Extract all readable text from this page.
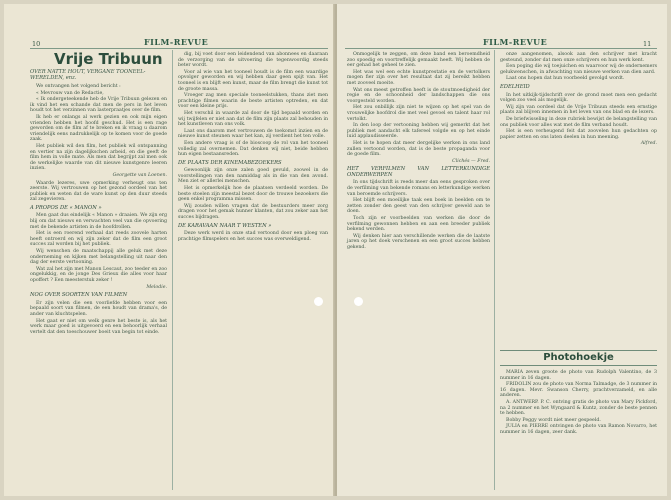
10	FILM-REVUE
Vrije Tribuun
OVER NATTE HOUT, VERGANE TOONEEL-WERELDEN, enz.
We ontvangen het volgend bericht :
« Mevrouw van de Redactie,
« Ik ondergeteekende heb de Vrije Tribuun gelezen en ik vind het een schande dat men de pers in het leven houdt tot het verzinnen van lasterpraatjes over de film.
Ik heb er onlangs al werk gezien en ook mijn eigen vrienden hebben het hoofd geschud. Het is een rage geworden om de film af te breken en ik vraag u daarom vriendelijk eens nadrukkelijk op te komen voor de goede zaak.
Het publiek wil den film, het publiek wil ontspanning en vertier na zijn dagelijkschen arbeid, en die geeft de film hem in volle mate. Als men dat begrijpt zal men ook de werkelijke waarde van dit nieuwe kunstgenre leeren inzien.
Georgette van Loenen.
Waarde lezeres, uwe opmerking verheugt ons ten zeerste. Wij vertrouwen op het gezond oordeel van het publiek en weten dat de ware kunst op den duur steeds zal zegevieren.
A PROPOS DE « MANON »
Men gaat dus eindelijk « Manon » draaien. We zijn erg blij om dat nieuws en verwachten veel van die opvoering met de bekende artisten in de hoofdrollen.
Het is een roerend verhaal dat reeds zoovele harten heeft ontroerd en wij zijn zeker dat de film een groot succes zal worden bij het publiek.
Wij wenschen de maatschappij alle geluk met deze onderneming en kijken met belangstelling uit naar den dag der eerste vertooning.
Wat zal het zijn met Manon Lescaut, zoo teeder en zoo ongelukkig, en de jonge Des Grieux die alles voor haar opoffert ? Een meesterstuk zeker !
Melodie.
NOG OVER SOORTEN VAN FILMEN
Er zijn velen die een voorliefde hebben voor een bepaald soort van filmen, de een houdt van drama's, de ander van kluchtspelen.
Het gaat er niet om welk genre het beste is, als het werk maar goed is uitgevoerd en een behoorlijk verhaal vertelt dat den toeschouwer boeit van begin tot einde.
dig, bij voet door een leidendend van abonnees en daaraan de verzorging van de uitvoering die tegenwoordig steeds beter wordt.
Voor al wie van het tooneel houdt is de film een waardige opvolger geworden en wij hebben daar geen spijt van. Het tooneel is en blijft een kunst, maar de film brengt die kunst tot de groote massa.
Vroeger zag men speciale tooneelstukken, thans ziet men prachtige filmen waarin de beste artisten optreden, en dat voor een kleine prijs.
Het verschil in waarde zal door de tijd bepaald worden en wij twijfelen er niet aan dat de film zijn plaats zal behouden in het kunstleven van ons volk.
Laat ons daarom met vertrouwen de toekomst inzien en de nieuwe kunst steunen waar het kan, zij verdient het ten volle.
Een andere vraag is of de bioscoop de rol van het tooneel volledig zal overnemen. Dat denken wij niet, beide hebben hun eigen bestaansreden.
DE PLAATS DER KINEMABEZOEKERS
Gewoonlijk zijn onze zalen goed gevuld, zoowel in de voorstellingen van den namiddag als in die van den avond. Men ziet er allerlei menschen.
Het is opmerkelijk hoe de plaatsen verdeeld worden. De beste stoelen zijn meestal bezet door de trouwe bezoekers die geen enkel programma missen.
Wij zouden willen vragen dat de bestuurders meer zorg dragen voor het gemak hunner klanten, dat zou zeker aan het succes bijdragen.
DE KARAVAAN NAAR T WESTEN »
Deze werk werd in onze stad vertoond door een ploeg van prachtige filmspelers en het succes was overweldigend.
FILM-REVUE	11
Onmogelijk te zeggen, om deze band een beroemdheid zoo spoedig en voortreffelijk gemaakt heeft. Wij hebben de eer gehad het geheel te zien.
Het was wel een echte kunstprestatie en de vertolkers mogen fier zijn over het resultaat dat zij bereikt hebben met zooveel moeite.
Wat ons meest getroffen heeft is de stoutmoedigheid der regie en de schoonheid der landschappen die ons voorgesteld worden.
Het zou onbillijk zijn niet te wijzen op het spel van de vrouwelijke hoofdrol die met veel gevoel en talent haar rol vertolkt.
In den loop der vertooning hebben wij gemerkt dat het publiek met aandacht elk tafereel volgde en op het einde luid applaudisseerde.
Het is te hopen dat meer dergelijke werken in ons land zullen vertoond worden, dat is de beste propaganda voor de goede film.
Clichés — Fred.
HET VERFILMEN VAN LETTERKUNDIGE ONDERWERPEN
In ons tijdschrift is reeds meer dan eens gesproken over de verfilming van bekende romans en letterkundige werken van beroemde schrijvers.
Het blijft een moeilijke taak een boek in beelden om te zetten zonder den geest van den schrijver geweld aan te doen.
Toch zijn er voorbeelden van werken die door de verfilming gewonnen hebben en aan een breeder publiek bekend werden.
Wij denken hier aan verschillende werken die de laatste jaren op het doek verschenen en een groot succes hebben gekend.
onze aangenomen, alsook aan den schrijver met kracht gesteund, zonder dat men onze schrijvers en hun werk kent.
Een poging die wij toejuichen en waarvoor wij de ondernemers gelukwenschen, in afwachting van nieuwe werken van dien aard.
Laat ons hopen dat hun voorbeeld gevolgd wordt.
EDELHEID
In het uitkijk-tijdschrift over de grond moet men een gedacht volgen zoo veel als mogelijk.
Wij zijn van oordeel dat de Vrije Tribuun steeds een ernstige plaats zal blijven innemen in het leven van ons blad en de lezers.
De briefwisseling in deze rubriek bewijst de belangstelling van ons publiek voor alles wat met de film verband houdt.
Het is een verheugend feit dat zoovelen hun gedachten op papier zetten en ons laten deelen in hun meening.
Alfred.
Photohoekje
MARIA zeven groote de photo van Rudolph Valentino, de 3 nummer in 16 dagen.
FRIDOLIN zou de photo van Norma Talmadge, de 3 nummer in 16 dagen. Mevr. Swanson Cherry, prachtverzameld, en alle anderen.
A. ANTWERP. P. C. ontving gratis de photo van Mary Pickford, na 2 nummer en het Wyngaard & Kuntz, zonder de beste pennen te hebben.
Bobby Peggy wordt niet meer gespeeld.
JULIA en PIERRE ontvingen de photo van Ramon Novarro, het nummer in 16 dagen, zeer dank.
